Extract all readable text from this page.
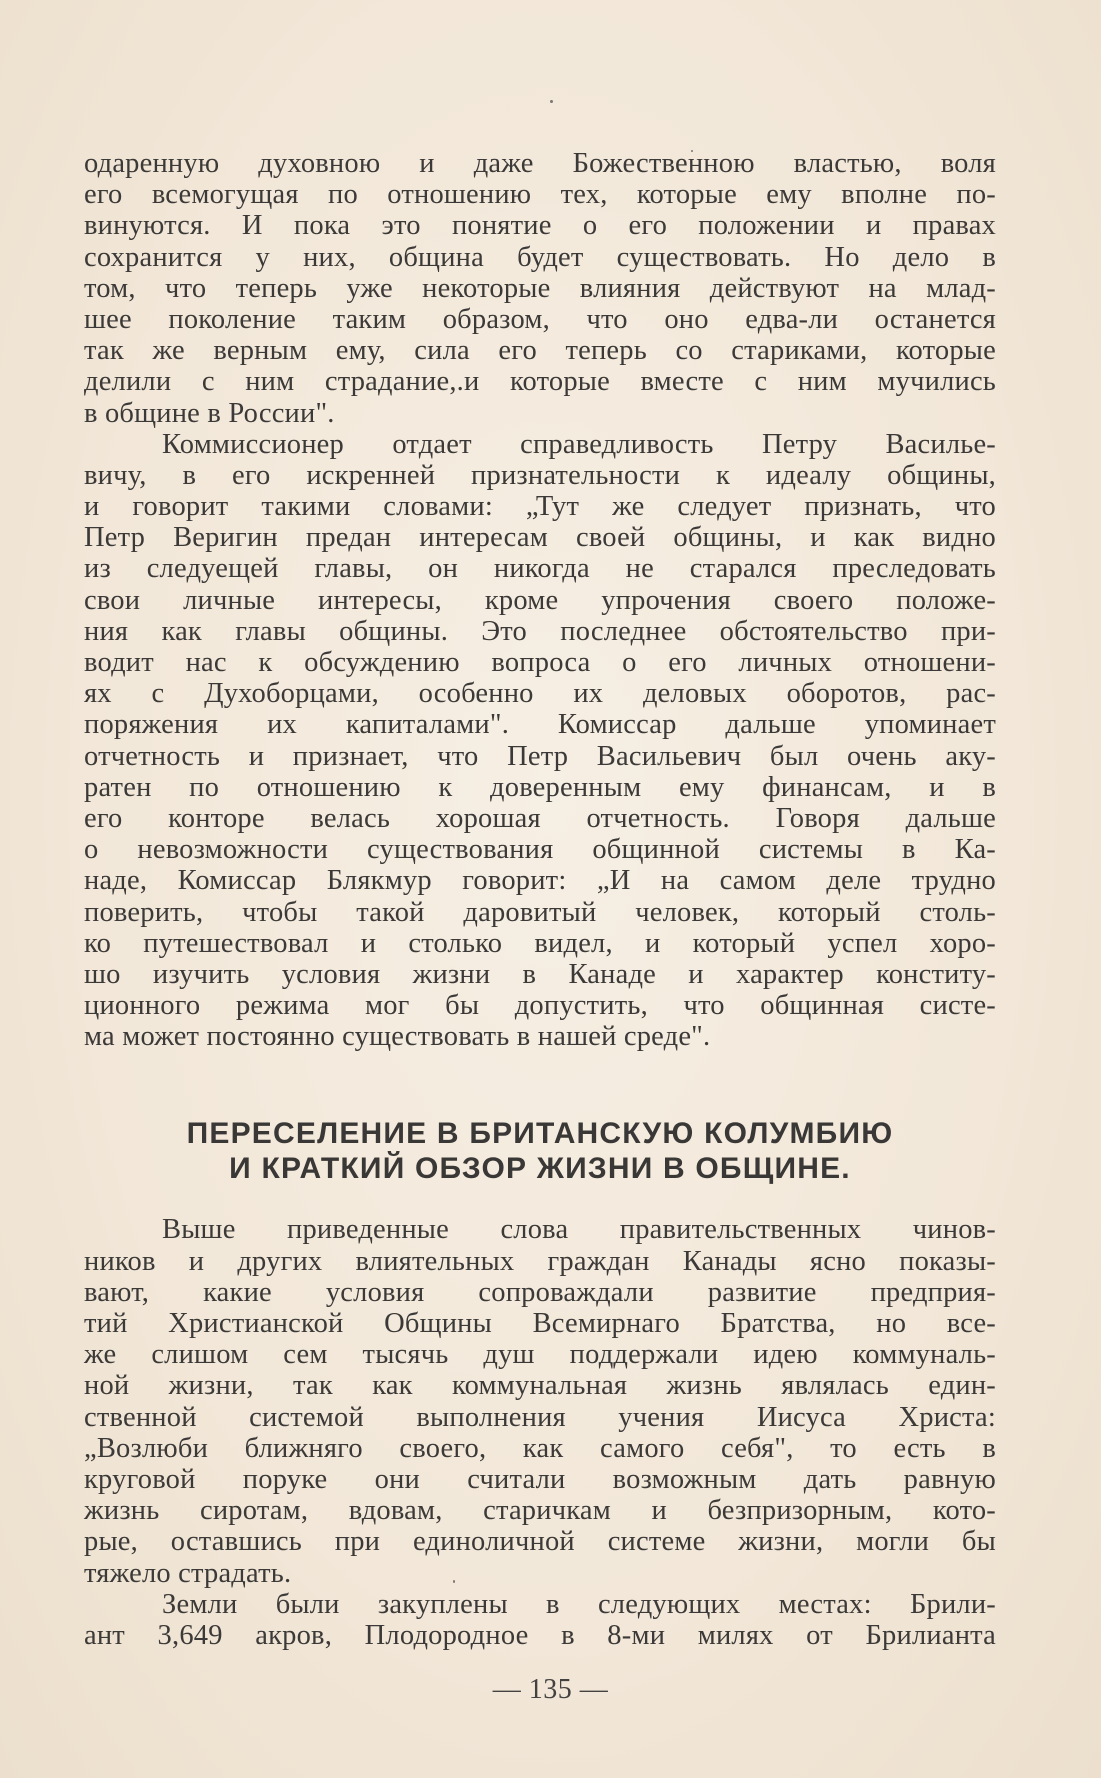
одаренную духовною и даже Божественною властью, воля
его всемогущая по отношению тех, которые ему вполне по-
винуются. И пока это понятие о его положении и правах
сохранится у них, община будет существовать. Но дело в
том, что теперь уже некоторые влияния действуют на млад-
шее поколение таким образом, что оно едва-ли останется
так же верным ему, сила его теперь со стариками, которые
делили с ним страдание,.и которые вместе с ним мучились
в общине в России".
Коммиссионер отдает справедливость Петру Василье-
вичу, в его искренней признательности к идеалу общины,
и говорит такими словами: „Тут же следует признать, что
Петр Веригин предан интересам своей общины, и как видно
из следуещей главы, он никогда не старался преследовать
свои личные интересы, кроме упрочения своего положе-
ния как главы общины. Это последнее обстоятельство при-
водит нас к обсуждению вопроса о его личных отношени-
ях с Духоборцами, особенно их деловых оборотов, рас-
поряжения их капиталами". Комиссар дальше упоминает
отчетность и признает, что Петр Васильевич был очень аку-
ратен по отношению к доверенным ему финансам, и в
его конторе велась хорошая отчетность. Говоря дальше
о невозможности существования общинной системы в Ка-
наде, Комиссар Блякмур говорит: „И на самом деле трудно
поверить, чтобы такой даровитый человек, который столь-
ко путешествовал и столько видел, и который успел хоро-
шо изучить условия жизни в Канаде и характер конститу-
ционного режима мог бы допустить, что общинная систе-
ма может постоянно существовать в нашей среде".
ПЕРЕСЕЛЕНИЕ В БРИТАНСКУЮ КОЛУМБИЮ
И КРАТКИЙ ОБЗОР ЖИЗНИ В ОБЩИНЕ.
Выше приведенные слова правительственных чинов-
ников и других влиятельных граждан Канады ясно показы-
вают, какие условия сопроваждали развитие предприя-
тий Христианской Общины Всемирнаго Братства, но все-
же слишом сем тысячь душ поддержали идею коммуналь-
ной жизни, так как коммунальная жизнь являлась един-
ственной системой выполнения учения Иисуса Христа:
„Возлюби ближняго своего, как самого себя", то есть в
круговой поруке они считали возможным дать равную
жизнь сиротам, вдовам, старичкам и безпризорным, кото-
рые, оставшись при единоличной системе жизни, могли бы
тяжело страдать.
Земли были закуплены в следующих местах: Брили-
ант 3,649 акров, Плодородное в 8-ми милях от Брилианта
— 135 —
